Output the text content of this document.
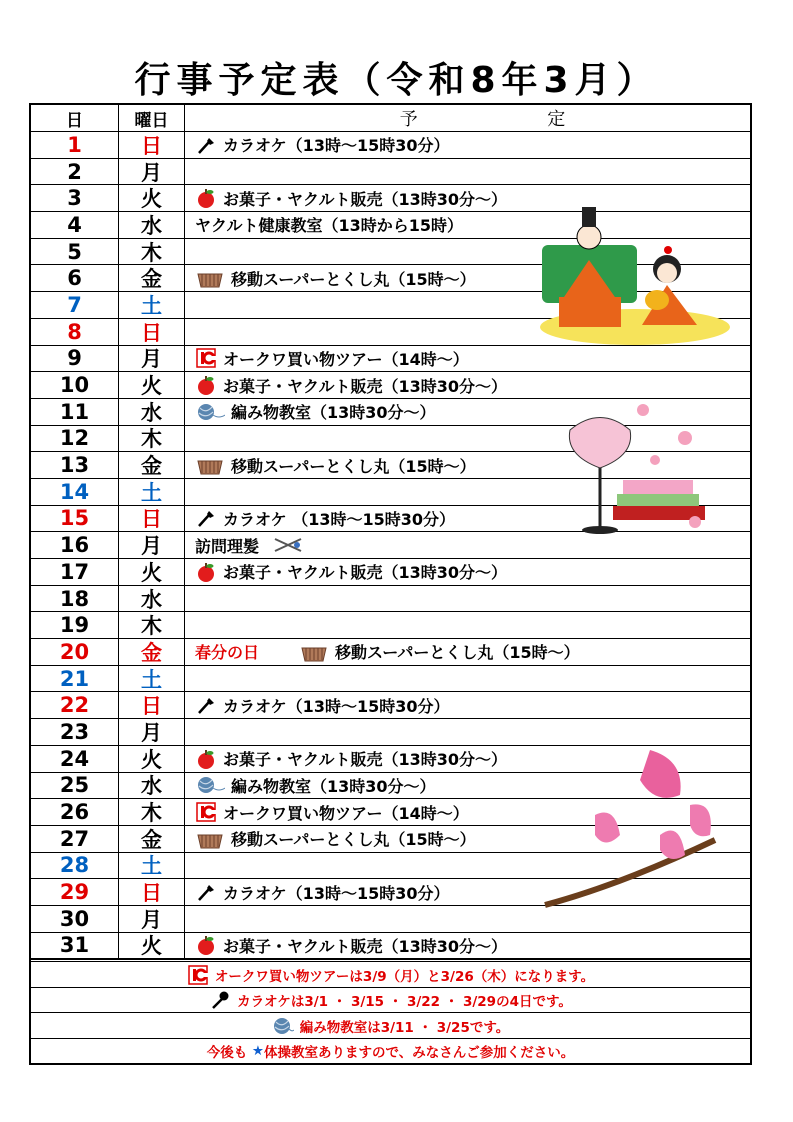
行事予定表（令和8年3月）
日	曜日	予	定
1	日	カラオケ（13時～15時30分）
2	月
3	火	お菓子・ヤクルト販売（13時30分～）
4	水	ヤクルト健康教室（13時から15時）
5	木
6	金	移動スーパーとくし丸（15時～）
7	土
8	日
9	月	オークワ買い物ツアー（14時～）
10	火	お菓子・ヤクルト販売（13時30分～）
11	水	編み物教室（13時30分～）
12	木
13	金	移動スーパーとくし丸（15時～）
14	土
15	日	カラオケ （13時～15時30分）
16	月	訪問理髪
17	火	お菓子・ヤクルト販売（13時30分～）
18	水
19	木
20	金	春分の日	移動スーパーとくし丸（15時～）
21	土
22	日	カラオケ（13時～15時30分）
23	月
24	火	お菓子・ヤクルト販売（13時30分～）
25	水	編み物教室（13時30分～）
26	木	オークワ買い物ツアー（14時～）
27	金	移動スーパーとくし丸（15時～）
28	土
29	日	カラオケ（13時～15時30分）
30	月
31	火	お菓子・ヤクルト販売（13時30分～）
オークワ買い物ツアーは3/9（月）と3/26（木）になります。
カラオケは3/1 ・ 3/15 ・ 3/22 ・ 3/29の4日です。
編み物教室は3/11 ・ 3/25です。
今後も
★ 体操教室ありますので、みなさんご参加ください。
